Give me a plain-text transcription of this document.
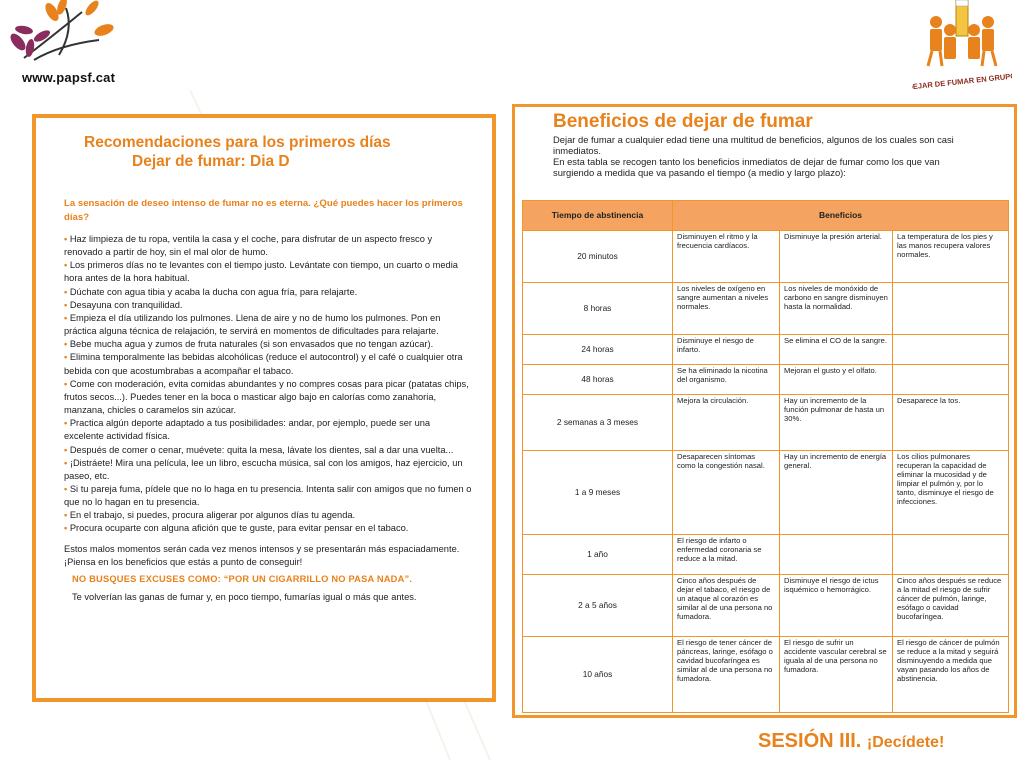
www.papsf.cat	DEJAR DE FUMAR EN GRUPO
Recomendaciones para los primeros días
Dejar de fumar: Dia D
La sensación de deseo intenso de fumar no es eterna. ¿Qué puedes hacer los primeros días?
• Haz limpieza de tu ropa, ventila la casa y el coche, para disfrutar de un aspecto fresco y renovado a partir de hoy, sin el mal olor de humo.
• Los primeros días no te levantes con el tiempo justo. Levántate con tiempo, un cuarto o media hora antes de la hora habitual.
• Dúchate con agua tibia y acaba la ducha con agua fría, para relajarte.
• Desayuna con tranquilidad.
• Empieza el día utilizando los pulmones. Llena de aire y no de humo los pulmones. Pon en práctica alguna técnica de relajación, te servirá en momentos de dificultades para relajarte.
• Bebe mucha agua y zumos de fruta naturales (si son envasados que no tengan azúcar).
• Elimina temporalmente las bebidas alcohólicas (reduce el autocontrol) y el café o cualquier otra bebida con que acostumbrabas a acompañar el tabaco.
• Come con moderación, evita comidas abundantes y no compres cosas para picar (patatas chips, frutos secos...). Puedes tener en la boca o masticar algo bajo en calorías como zanahoria, manzana, chicles o caramelos sin azúcar.
• Practica algún deporte adaptado a tus posibilidades: andar, por ejemplo, puede ser una excelente actividad física.
• Después de comer o cenar, muévete: quita la mesa, lávate los dientes, sal a dar una vuelta...
• ¡Distráete! Mira una película, lee un libro, escucha música, sal con los amigos, haz ejercicio, un paseo, etc.
• Si tu pareja fuma, pídele que no lo haga en tu presencia. Intenta salir con amigos que no fumen o que no lo hagan en tu presencia.
• En el trabajo, si puedes, procura aligerar por algunos días tu agenda.
• Procura ocuparte con alguna afición que te guste, para evitar pensar en el tabaco.
Estos malos momentos serán cada vez menos intensos y se presentarán más espaciadamente. ¡Piensa en los beneficios que estás a punto de conseguir!
NO BUSQUES EXCUSES COMO: “POR UN CIGARRILLO NO PASA NADA”.
Te volverían las ganas de fumar y, en poco tiempo, fumarías igual o más que antes.
Beneficios de dejar de fumar

Dejar de fumar a cualquier edad tiene una multitud de beneficios, algunos de los cuales son casi inmediatos.

En esta tabla se recogen tanto los beneficios inmediatos de dejar de fumar como los que van surgiendo a medida que va pasando el tiempo (a medio y largo plazo):

Tiempo de abstinencia	Beneficios		
20 minutos	Disminuyen el ritmo y la frecuencia cardíacos.	Disminuye la presión arterial.	La temperatura de los pies y las manos recupera valores normales.
8 horas	Los niveles de oxígeno en sangre aumentan a niveles normales.	Los niveles de monóxido de carbono en sangre disminuyen hasta la normalidad.	
24 horas	Disminuye el riesgo de infarto.	Se elimina el CO de la sangre.	
48 horas	Se ha eliminado la nicotina del organismo.	Mejoran el gusto y el olfato.	
2 semanas a 3 meses	Mejora la circulación.	Hay un incremento de la función pulmonar de hasta un 30%.	Desaparece la tos.
1 a 9 meses	Desaparecen síntomas como la congestión nasal.	Hay un incremento de energía general.	Los cilios pulmonares recuperan la capacidad de eliminar la mucosidad y de limpiar el pulmón y, por lo tanto, disminuye el riesgo de infecciones.
1 año	El riesgo de infarto o enfermedad coronaria se reduce a la mitad.		
2 a 5 años	Cinco años después de dejar el tabaco, el riesgo de un ataque al corazón es similar al de una persona no fumadora.	Disminuye el riesgo de ictus isquémico o hemorrágico.	Cinco años después se reduce a la mitad el riesgo de sufrir cáncer de pulmón, laringe, esófago o cavidad bucofaríngea.
10 años	El riesgo de tener cáncer de páncreas, laringe, esófago o cavidad bucofaríngea es similar al de una persona no fumadora.	El riesgo de sufrir un accidente vascular cerebral se iguala al de una persona no fumadora.	El riesgo de cáncer de pulmón se reduce a la mitad y seguirá disminuyendo a medida que vayan pasando los años de abstinencia.
SESIÓN III. ¡Decídete!
